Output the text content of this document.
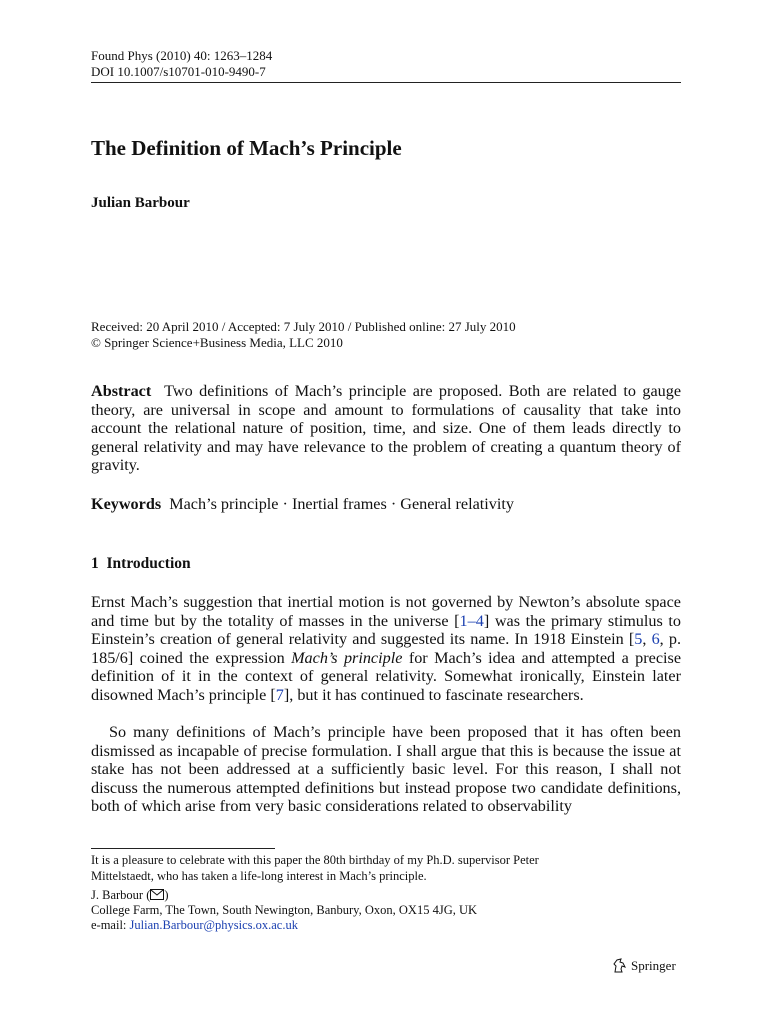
Found Phys (2010) 40: 1263–1284
DOI 10.1007/s10701-010-9490-7
The Definition of Mach’s Principle
Julian Barbour
Received: 20 April 2010 / Accepted: 7 July 2010 / Published online: 27 July 2010
© Springer Science+Business Media, LLC 2010

Abstract Two definitions of Mach’s principle are proposed. Both are related to gauge theory, are universal in scope and amount to formulations of causality that take into account the relational nature of position, time, and size. One of them leads directly to general relativity and may have relevance to the problem of creating a quantum theory of gravity.

Keywords Mach’s principle · Inertial frames · General relativity
1 Introduction

Ernst Mach’s suggestion that inertial motion is not governed by Newton’s absolute space and time but by the totality of masses in the universe [1–4] was the primary stimulus to Einstein’s creation of general relativity and suggested its name. In 1918 Einstein [5, 6, p. 185/6] coined the expression Mach’s principle for Mach’s idea and attempted a precise definition of it in the context of general relativity. Somewhat ironically, Einstein later disowned Mach’s principle [7], but it has continued to fascinate researchers.

So many definitions of Mach’s principle have been proposed that it has often been dismissed as incapable of precise formulation. I shall argue that this is because the issue at stake has not been addressed at a sufficiently basic level. For this reason, I shall not discuss the numerous attempted definitions but instead propose two candidate definitions, both of which arise from very basic considerations related to observability

It is a pleasure to celebrate with this paper the 80th birthday of my Ph.D. supervisor Peter
Mittelstaedt, who has taken a life-long interest in Mach’s principle.
J. Barbour ( )
College Farm, The Town, South Newington, Banbury, Oxon, OX15 4JG, UK
e-mail: Julian.Barbour@physics.ox.ac.uk
Springer
